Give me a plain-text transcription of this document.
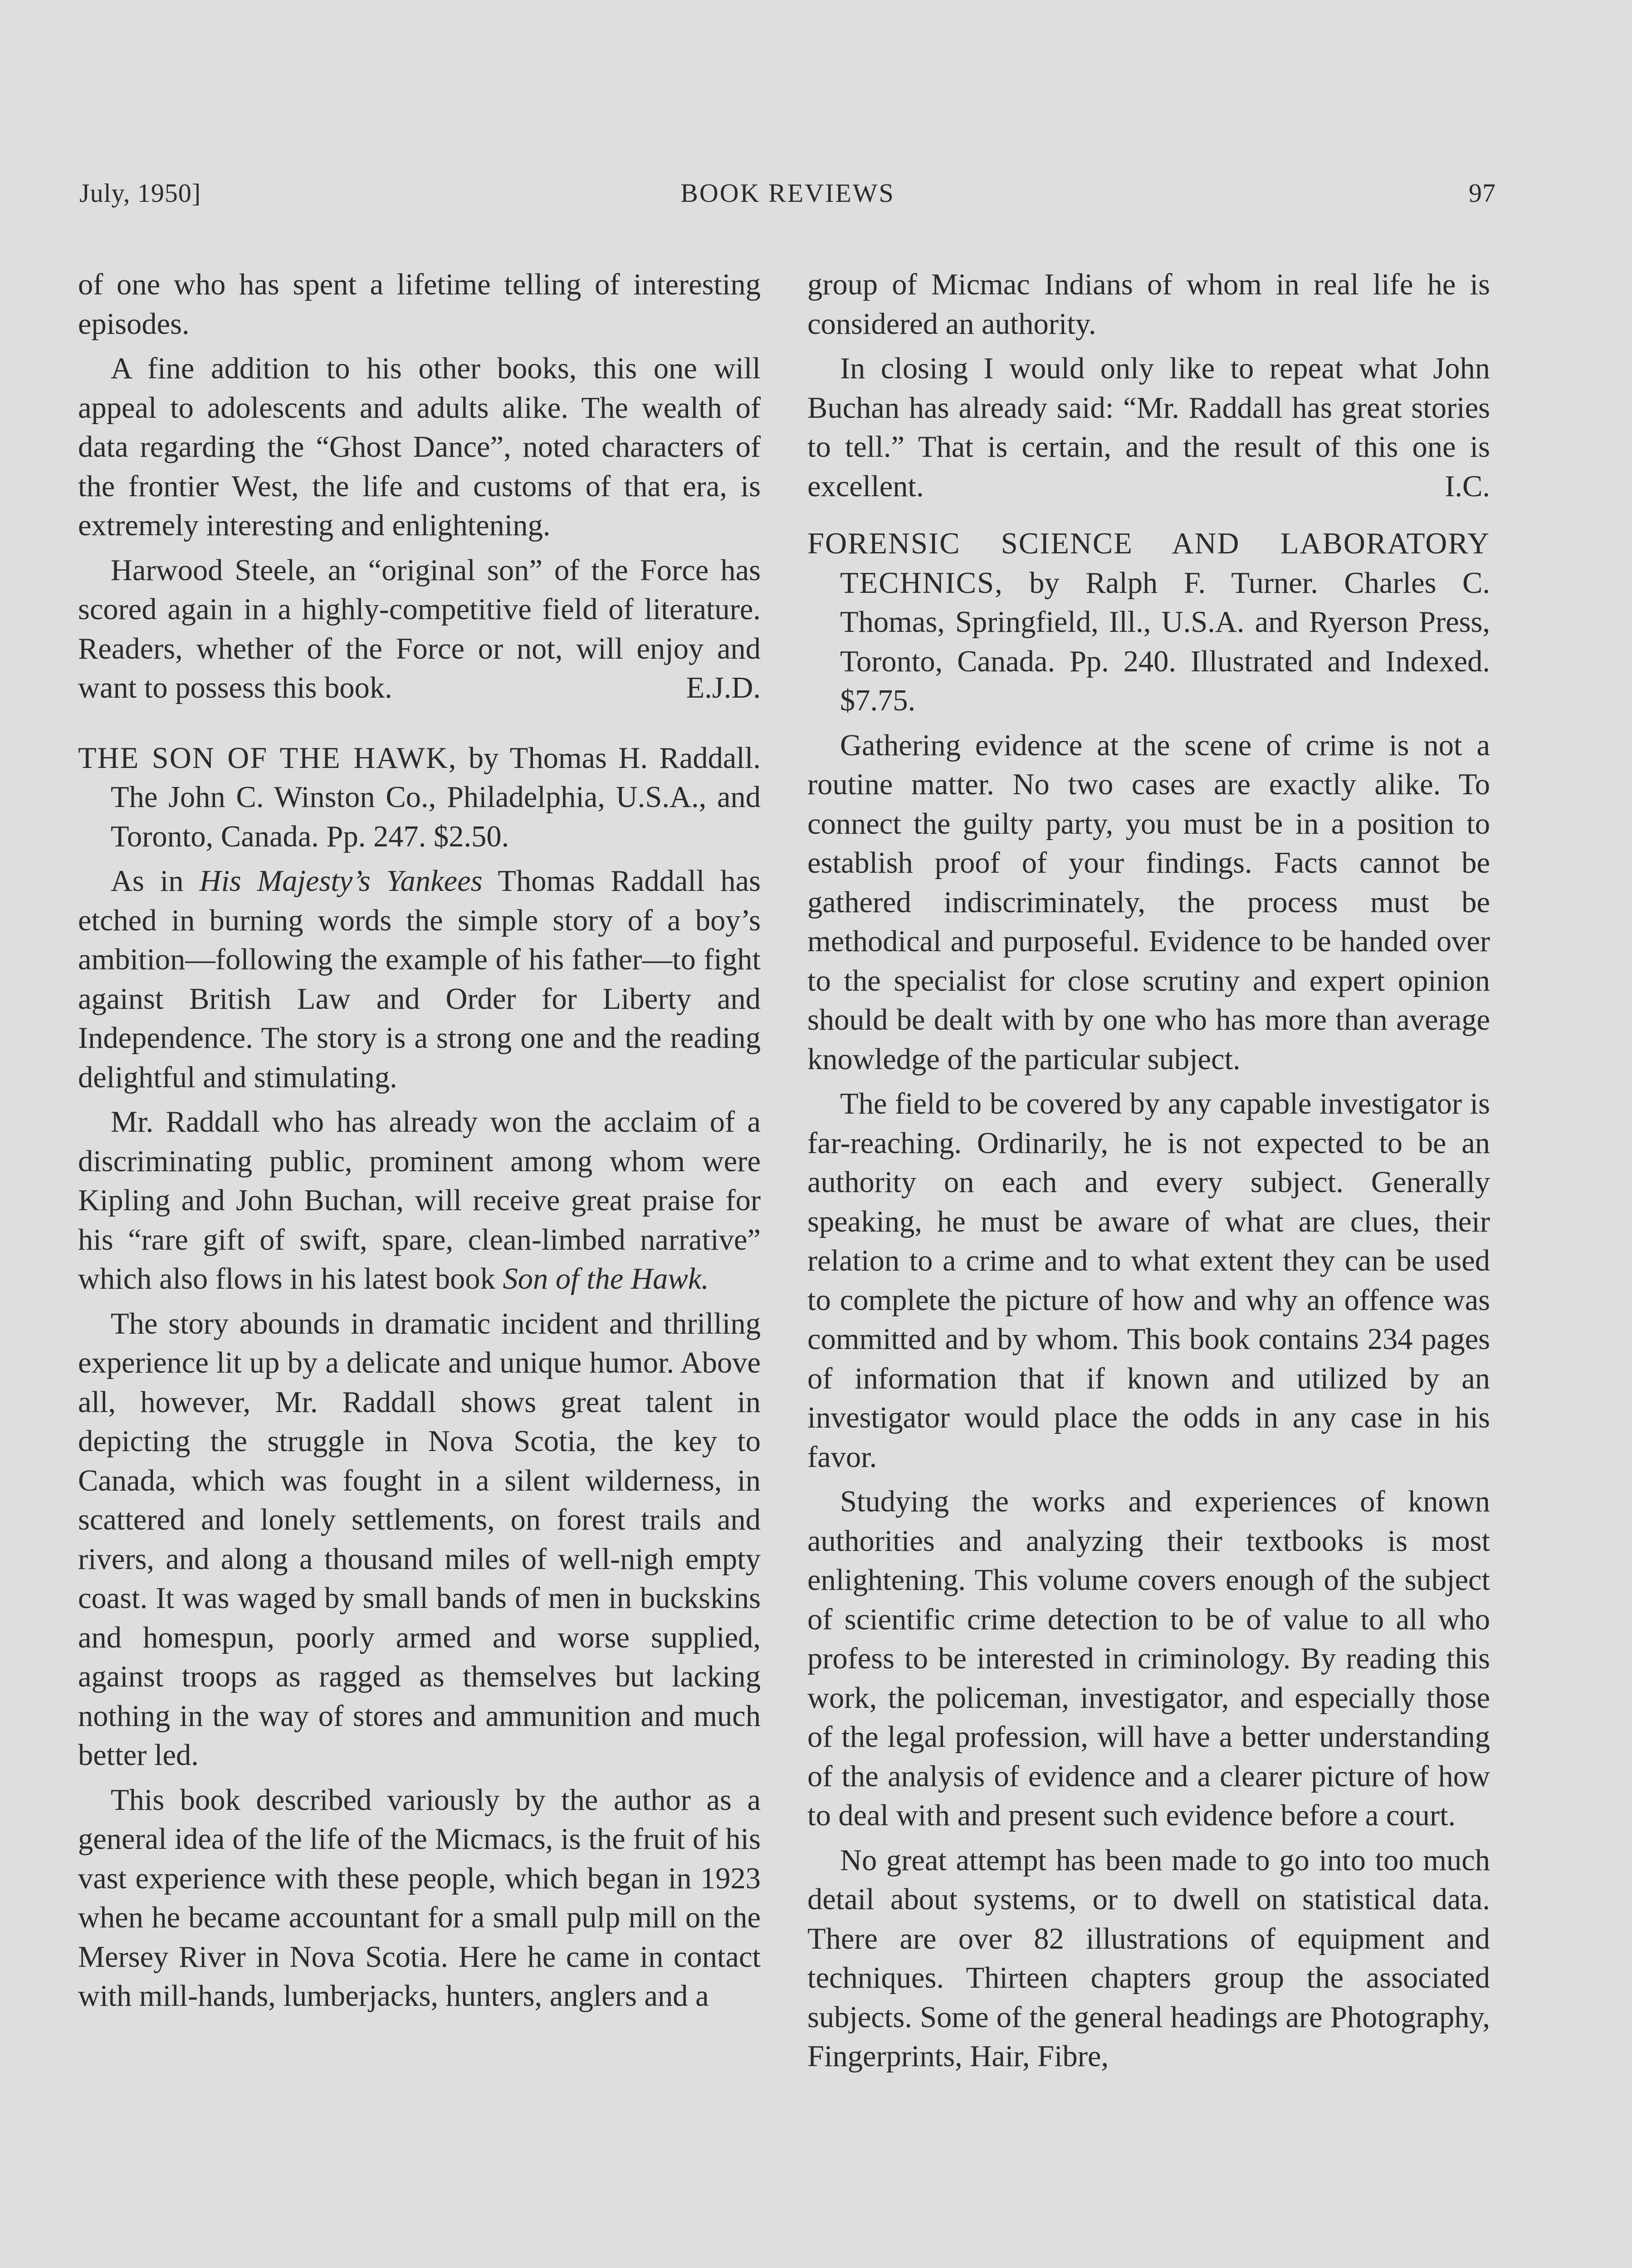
July, 1950]	BOOK REVIEWS	97

of one who has spent a lifetime telling of interesting episodes.

A fine addition to his other books, this one will appeal to adolescents and adults alike. The wealth of data regarding the “Ghost Dance”, noted characters of the frontier West, the life and customs of that era, is extremely interesting and enlightening.

Harwood Steele, an “original son” of the Force has scored again in a highly-competitive field of literature. Readers, whether of the Force or not, will enjoy and want to possess this book.	E.J.D.

THE SON OF THE HAWK, by Thomas H. Raddall. The John C. Winston Co., Philadelphia, U.S.A., and Toronto, Canada. Pp. 247. $2.50.

As in His Majesty’s Yankees Thomas Raddall has etched in burning words the simple story of a boy’s ambition—following the example of his father—to fight against British Law and Order for Liberty and Independence. The story is a strong one and the reading delightful and stimulating.

Mr. Raddall who has already won the acclaim of a discriminating public, prominent among whom were Kipling and John Buchan, will receive great praise for his “rare gift of swift, spare, clean-limbed narrative” which also flows in his latest book Son of the Hawk.

The story abounds in dramatic incident and thrilling experience lit up by a delicate and unique humor. Above all, however, Mr. Raddall shows great talent in depicting the struggle in Nova Scotia, the key to Canada, which was fought in a silent wilderness, in scattered and lonely settlements, on forest trails and rivers, and along a thousand miles of well-nigh empty coast. It was waged by small bands of men in buckskins and homespun, poorly armed and worse supplied, against troops as ragged as themselves but lacking nothing in the way of stores and ammunition and much better led.

This book described variously by the author as a general idea of the life of the Micmacs, is the fruit of his vast experience with these people, which began in 1923 when he became accountant for a small pulp mill on the Mersey River in Nova Scotia. Here he came in contact with mill-hands, lumberjacks, hunters, anglers and a

group of Micmac Indians of whom in real life he is considered an authority.

In closing I would only like to repeat what John Buchan has already said: “Mr. Raddall has great stories to tell.” That is certain, and the result of this one is excellent.	I.C.

FORENSIC SCIENCE AND LABORATORY TECHNICS, by Ralph F. Turner. Charles C. Thomas, Springfield, Ill., U.S.A. and Ryerson Press, Toronto, Canada. Pp. 240. Illustrated and Indexed. $7.75.

Gathering evidence at the scene of crime is not a routine matter. No two cases are exactly alike. To connect the guilty party, you must be in a position to establish proof of your findings. Facts cannot be gathered indiscriminately, the process must be methodical and purposeful. Evidence to be handed over to the specialist for close scrutiny and expert opinion should be dealt with by one who has more than average knowledge of the particular subject.

The field to be covered by any capable investigator is far-reaching. Ordinarily, he is not expected to be an authority on each and every subject. Generally speaking, he must be aware of what are clues, their relation to a crime and to what extent they can be used to complete the picture of how and why an offence was committed and by whom. This book contains 234 pages of information that if known and utilized by an investigator would place the odds in any case in his favor.

Studying the works and experiences of known authorities and analyzing their textbooks is most enlightening. This volume covers enough of the subject of scientific crime detection to be of value to all who profess to be interested in criminology. By reading this work, the policeman, investigator, and especially those of the legal profession, will have a better understanding of the analysis of evidence and a clearer picture of how to deal with and present such evidence before a court.

No great attempt has been made to go into too much detail about systems, or to dwell on statistical data. There are over 82 illustrations of equipment and techniques. Thirteen chapters group the associated subjects. Some of the general headings are Photography, Fingerprints, Hair, Fibre,
